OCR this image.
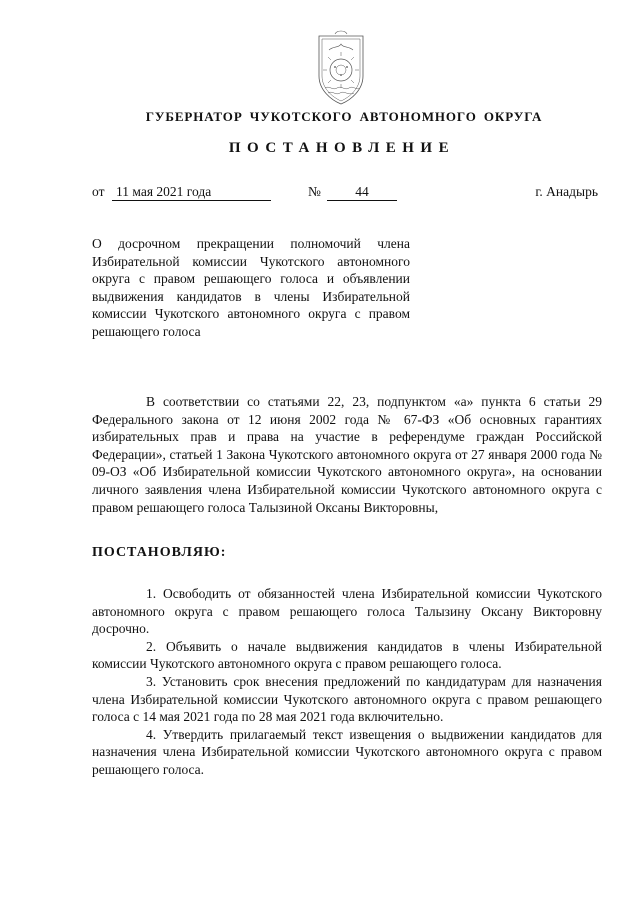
ГУБЕРНАТОР ЧУКОТСКОГО АВТОНОМНОГО ОКРУГА
ПОСТАНОВЛЕНИЕ
от 11 мая 2021 года	№	44	г. Анадырь
О досрочном прекращении полномочий члена Избирательной комиссии Чукотского автономного округа с правом решающего голоса и объявлении выдвижения кандидатов в члены Избирательной комиссии Чукотского автономного округа с правом решающего голоса

В соответствии со статьями 22, 23, подпунктом «а» пункта 6 статьи 29 Федерального закона от 12 июня 2002 года № 67-ФЗ «Об основных гарантиях избирательных прав и права на участие в референдуме граждан Российской Федерации», статьей 1 Закона Чукотского автономного округа от 27 января 2000 года № 09-ОЗ «Об Избирательной комиссии Чукотского автономного округа», на основании личного заявления члена Избирательной комиссии Чукотского автономного округа с правом решающего голоса Талызиной Оксаны Викторовны,

ПОСТАНОВЛЯЮ:

1. Освободить от обязанностей члена Избирательной комиссии Чукотского автономного округа с правом решающего голоса Талызину Оксану Викторовну досрочно.

2. Объявить о начале выдвижения кандидатов в члены Избирательной комиссии Чукотского автономного округа с правом решающего голоса.

3. Установить срок внесения предложений по кандидатурам для назначения члена Избирательной комиссии Чукотского автономного округа с правом решающего голоса с 14 мая 2021 года по 28 мая 2021 года включительно.

4. Утвердить прилагаемый текст извещения о выдвижении кандидатов для назначения члена Избирательной комиссии Чукотского автономного округа с правом решающего голоса.
